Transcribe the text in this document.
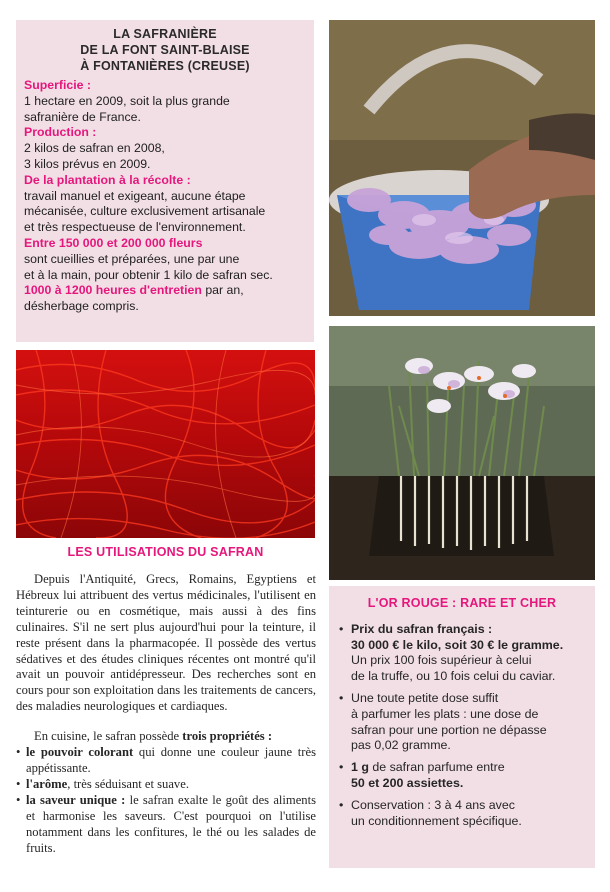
LA SAFRANIÈRE
DE LA FONT SAINT-BLAISE
À FONTANIÈRES (CREUSE)

Superficie :

1 hectare en 2009, soit la plus grande
safranière de France.

Production :

2 kilos de safran en 2008,
3 kilos prévus en 2009.

De la plantation à la récolte :

travail manuel et exigeant, aucune étape
mécanisée, culture exclusivement artisanale
et très respectueuse de l'environnement.

Entre 150 000 et 200 000 fleurs

sont cueillies et préparées, une par une
et à la main, pour obtenir 1 kilo de safran sec.

1000 à 1200 heures d'entretien par an,
désherbage compris.

LES UTILISATIONS DU SAFRAN

Depuis l'Antiquité, Grecs, Romains, Egyptiens et Hébreux lui attribuent des vertus médicinales, l'utilisent en teinturerie ou en cosmétique, mais aussi à des fins culinaires. S'il ne sert plus aujourd'hui pour la teinture, il reste présent dans la pharmacopée. Il possède des vertus sédatives et des études cliniques récentes ont montré qu'il avait un pouvoir antidépresseur. Des recherches sont en cours pour son exploitation dans les traitements de cancers, des maladies neurologiques et cardiaques.

En cuisine, le safran possède trois propriétés :

• le pouvoir colorant qui donne une couleur jaune très appétissante.
• l'arôme, très séduisant et suave.
• la saveur unique : le safran exalte le goût des aliments et harmonise les saveurs. C'est pourquoi on l'utilise notamment dans les confitures, le thé ou les salades de fruits.
L'OR ROUGE : RARE ET CHER
• Prix du safran français :
30 000 € le kilo, soit 30 € le gramme.
Un prix 100 fois supérieur à celui
de la truffe, ou 10 fois celui du caviar.
• Une toute petite dose suffit
à parfumer les plats : une dose de
safran pour une portion ne dépasse
pas 0,02 gramme.
• 1 g de safran parfume entre
50 et 200 assiettes.
• Conservation : 3 à 4 ans avec
un conditionnement spécifique.
